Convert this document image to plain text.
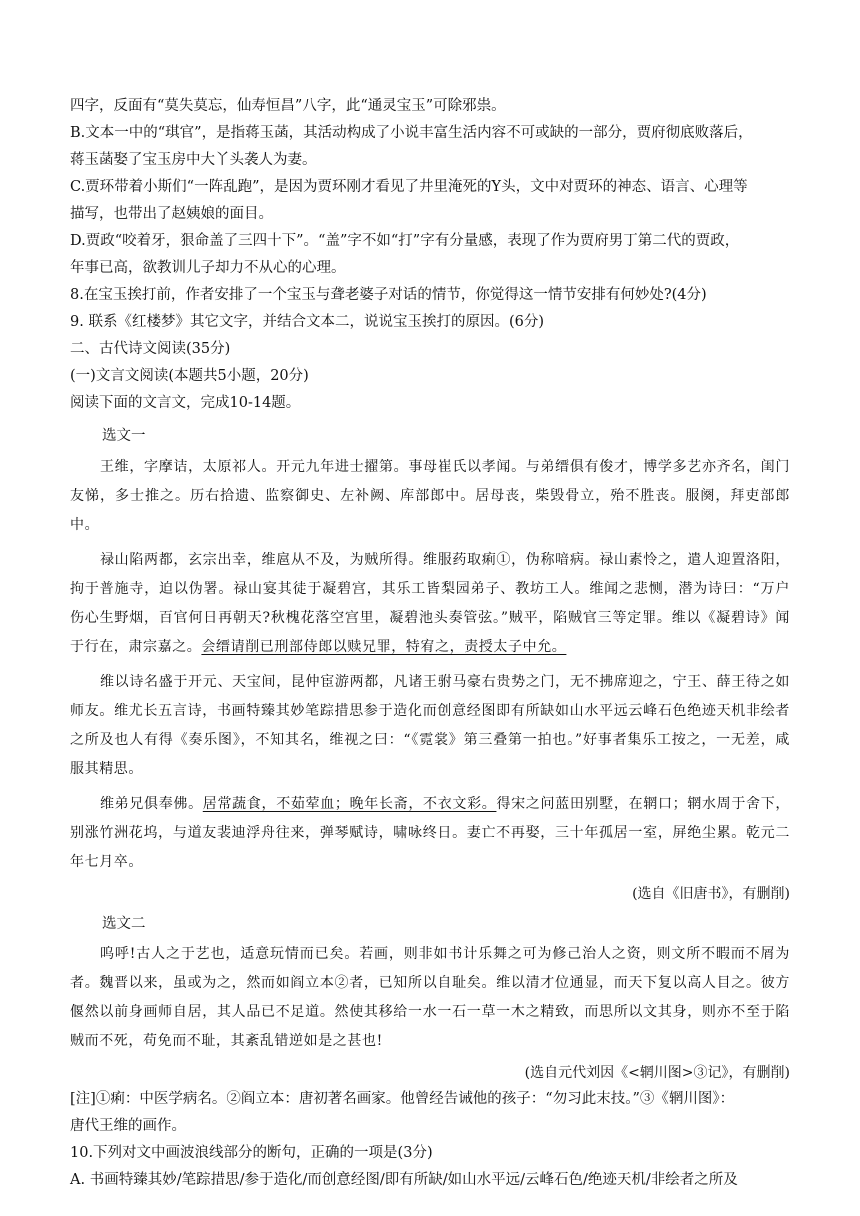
四字，反面有“莫失莫忘，仙寿恒昌”八字，此“通灵宝玉”可除邪祟。

B.文本一中的“琪官”，是指蒋玉菡，其活动构成了小说丰富生活内容不可或缺的一部分，贾府彻底败落后，

蒋玉菡娶了宝玉房中大丫头袭人为妻。

C.贾环带着小斯们“一阵乱跑”，是因为贾环刚才看见了井里淹死的Y头，文中对贾环的神态、语言、心理等

描写，也带出了赵姨娘的面目。

D.贾政“咬着牙，狠命盖了三四十下”。“盖”字不如“打”字有分量感，表现了作为贾府男丁第二代的贾政，

年事已高，欲教训儿子却力不从心的心理。

8.在宝玉挨打前，作者安排了一个宝玉与聋老婆子对话的情节，你觉得这一情节安排有何妙处?(4分)

9. 联系《红楼梦》其它文字，并结合文本二，说说宝玉挨打的原因。(6分)

二、古代诗文阅读(35分)

(一)文言文阅读(本题共5小题，20分)

阅读下面的文言文，完成10-14题。

选文一

王维，字摩诘，太原祁人。开元九年进士擢第。事母崔氏以孝闻。与弟缙俱有俊才，博学多艺亦齐名，闺门友悌，多士推之。历右拾遗、监察御史、左补阙、库部郎中。居母丧，柴毁骨立，殆不胜丧。服阕，拜吏部郎中。

禄山陷两都，玄宗出幸，维扈从不及，为贼所得。维服药取痢①，伪称喑病。禄山素怜之，遣人迎置洛阳，拘于普施寺，迫以伪署。禄山宴其徒于凝碧宫，其乐工皆梨园弟子、教坊工人。维闻之悲恻，潜为诗曰：“万户伤心生野烟，百官何日再朝天?秋槐花落空宫里，凝碧池头奏管弦。”贼平，陷贼官三等定罪。维以《凝碧诗》闻于行在，肃宗嘉之。会缙请削已刑部侍郎以赎兄罪，特宥之，责授太子中允。

维以诗名盛于开元、天宝间，昆仲宦游两都，凡诸王驸马豪右贵势之门，无不拂席迎之，宁王、薛王待之如师友。维尤长五言诗，书画特臻其妙笔踪措思参于造化而创意经图即有所缺如山水平远云峰石色绝迹天机非绘者之所及也人有得《奏乐图》，不知其名，维视之曰：“《霓裳》第三叠第一拍也。”好事者集乐工按之，一无差，咸服其精思。

维弟兄俱奉佛。居常蔬食，不茹荤血；晚年长斋，不衣文彩。得宋之问蓝田别墅，在辋口；辋水周于舍下，别涨竹洲花坞，与道友裴迪浮舟往来，弹琴赋诗，啸咏终日。妻亡不再娶，三十年孤居一室，屏绝尘累。乾元二年七月卒。

(选自《旧唐书》，有删削)

选文二

呜呼!古人之于艺也，适意玩情而已矣。若画，则非如书计乐舞之可为修己治人之资，则文所不暇而不屑为者。魏晋以来，虽或为之，然而如阎立本②者，已知所以自耻矣。维以清才位通显，而天下复以高人目之。彼方偃然以前身画师自居，其人品已不足道。然使其移给一水一石一草一木之精致，而思所以文其身，则亦不至于陷贼而不死，苟免而不耻，其紊乱错逆如是之甚也!

(选自元代刘因《<辋川图>③记》，有删削)

[注]①痢：中医学病名。②阎立本：唐初著名画家。他曾经告诫他的孩子：“勿习此末技。”③《辋川图》：

唐代王维的画作。

10.下列对文中画波浪线部分的断句，正确的一项是(3分)

A. 书画特臻其妙/笔踪措思/参于造化/而创意经图/即有所缺/如山水平远/云峰石色/绝迹天机/非绘者之所及
